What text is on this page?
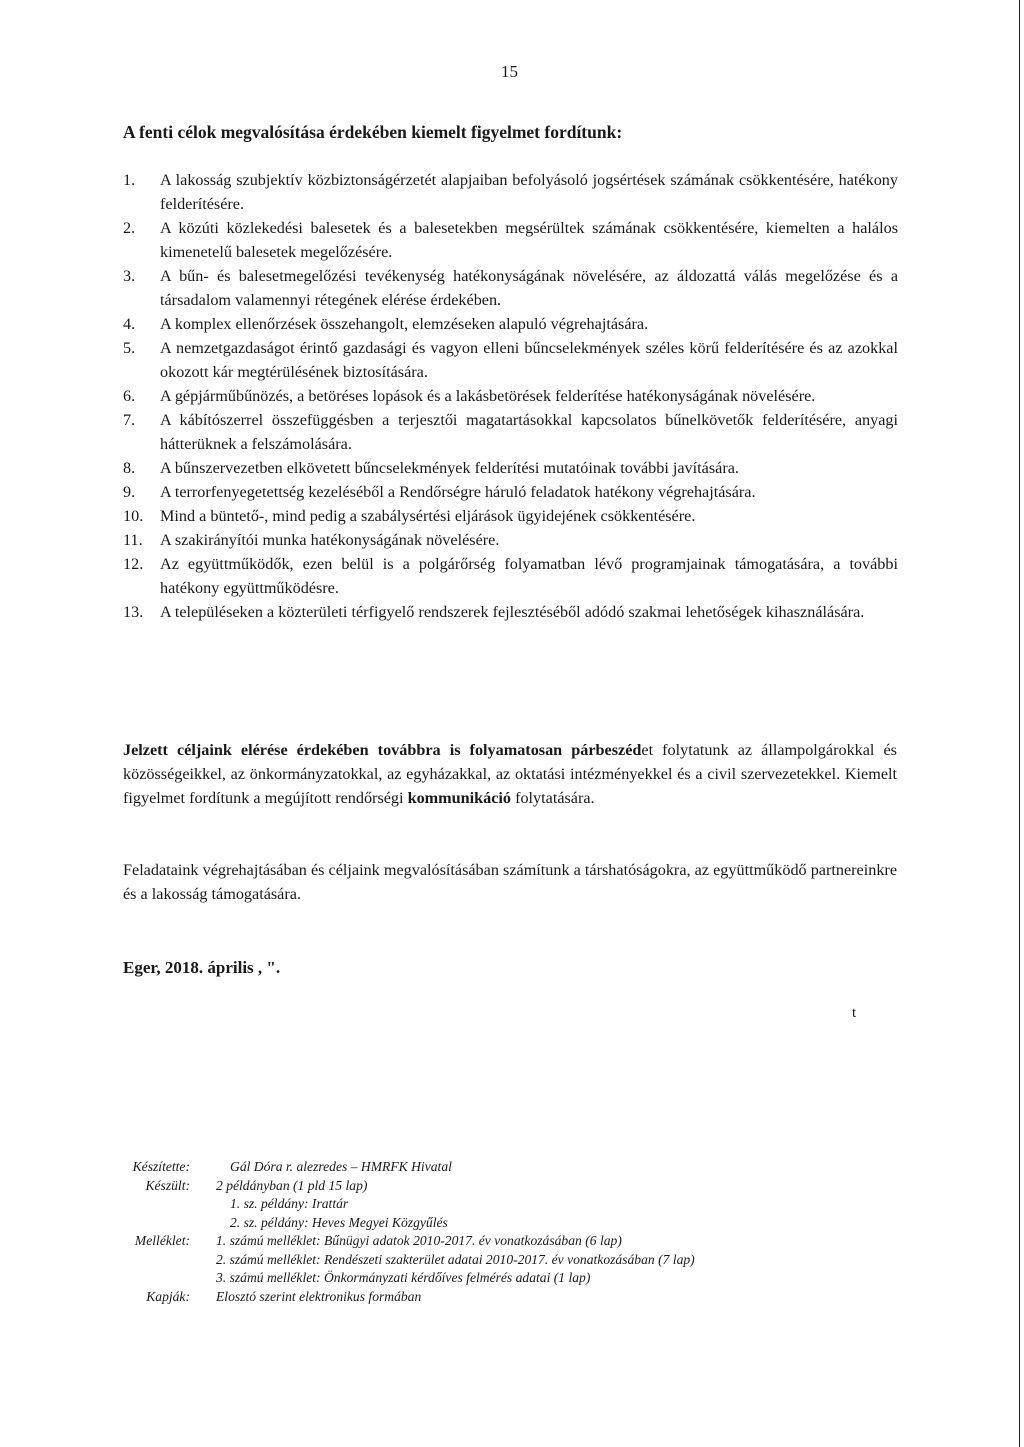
15
A fenti célok megvalósítása érdekében kiemelt figyelmet fordítunk:
1. A lakosság szubjektív közbiztonságérzetét alapjaiban befolyásoló jogsértések számának csökkentésére, hatékony felderítésére.
2. A közúti közlekedési balesetek és a balesetekben megsérültek számának csökkentésére, kiemelten a halálos kimenetelű balesetek megelőzésére.
3. A bűn- és balesetmegelőzési tevékenység hatékonyságának növelésére, az áldozattá válás megelőzése és a társadalom valamennyi rétegének elérése érdekében.
4. A komplex ellenőrzések összehangolt, elemzéseken alapuló végrehajtására.
5. A nemzetgazdaságot érintő gazdasági és vagyon elleni bűncselekmények széles körű felderítésére és az azokkal okozott kár megtérülésének biztosítására.
6. A gépjárműbűnözés, a betöréses lopások és a lakásbetörések felderítése hatékonyságának növelésére.
7. A kábítószerrel összefüggésben a terjesztői magatartásokkal kapcsolatos bűnelkövetők felderítésére, anyagi hátterüknek a felszámolására.
8. A bűnszervezetben elkövetett bűncselekmények felderítési mutatóinak további javítására.
9. A terrorfenyegetettség kezeléséből a Rendőrségre háruló feladatok hatékony végrehajtására.
10. Mind a büntető-, mind pedig a szabálysértési eljárások ügyidejének csökkentésére.
11. A szakirányítói munka hatékonyságának növelésére.
12. Az együttműködők, ezen belül is a polgárőrség folyamatban lévő programjainak támogatására, a további hatékony együttműködésre.
13. A településeken a közterületi térfigyelő rendszerek fejlesztéséből adódó szakmai lehetőségek kihasználására.

Jelzett céljaink elérése érdekében továbbra is folyamatosan párbeszédet folytatunk az állampolgárokkal és közösségeikkel, az önkormányzatokkal, az egyházakkal, az oktatási intézményekkel és a civil szervezetekkel. Kiemelt figyelmet fordítunk a megújított rendőrségi kommunikáció folytatására.

Feladataink végrehajtásában és céljaink megvalósításában számítunk a társhatóságokra, az együttműködő partnereinkre és a lakosság támogatására.

Eger, 2018. április , ".
t
Készítette:	Gál Dóra r. alezredes – HMRFK Hivatal
Készült: 2 példányban (1 pld 15 lap)
1. sz. példány: Irattár
2. sz. példány: Heves Megyei Közgyűlés
Melléklet: 1. számú melléklet: Bűnügyi adatok 2010-2017. év vonatkozásában (6 lap)
2. számú melléklet: Rendészeti szakterület adatai 2010-2017. év vonatkozásában (7 lap)
3. számú melléklet: Önkormányzati kérdőíves felmérés adatai (1 lap)
Kapják: Elosztó szerint elektronikus formában
